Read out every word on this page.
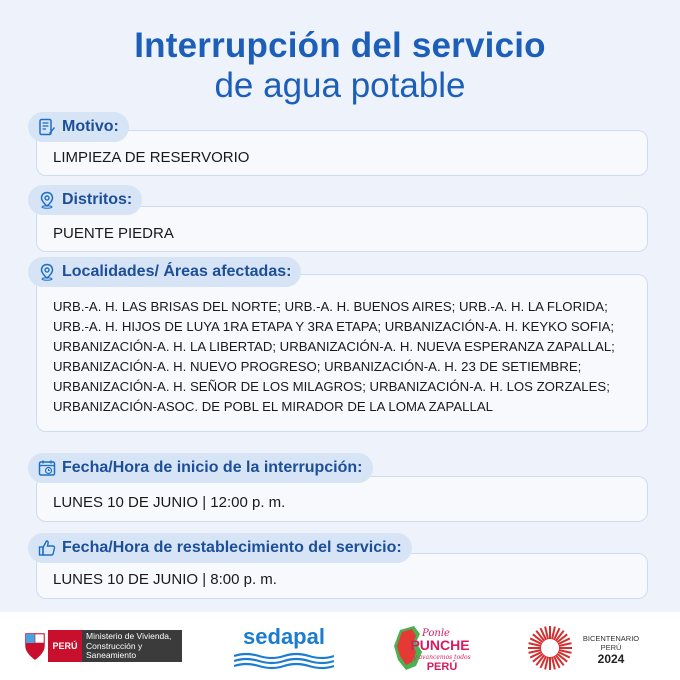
Interrupción del servicio
de agua potable
Motivo:
LIMPIEZA DE RESERVORIO
Distritos:
PUENTE PIEDRA
Localidades/ Áreas afectadas:
URB.-A. H. LAS BRISAS DEL NORTE; URB.-A. H. BUENOS AIRES; URB.-A. H. LA FLORIDA;
URB.-A. H. HIJOS DE LUYA 1RA ETAPA Y 3RA ETAPA; URBANIZACIÓN-A. H. KEYKO SOFIA;
URBANIZACIÓN-A. H. LA LIBERTAD; URBANIZACIÓN-A. H. NUEVA ESPERANZA ZAPALLAL;
URBANIZACIÓN-A. H. NUEVO PROGRESO; URBANIZACIÓN-A. H. 23 DE SETIEMBRE;
URBANIZACIÓN-A. H. SEÑOR DE LOS MILAGROS; URBANIZACIÓN-A. H. LOS ZORZALES;
URBANIZACIÓN-ASOC. DE POBL EL MIRADOR DE LA LOMA ZAPALLAL
Fecha/Hora de inicio de la interrupción:
LUNES 10 DE JUNIO | 12:00 p. m.
Fecha/Hora de restablecimiento del servicio:
LUNES 10 DE JUNIO | 8:00 p. m.
PERÚ
Ministerio de Vivienda, Construcción y Saneamiento
sedapal	Ponle
PUNCHE
y avancemos todos
PERÚ
BICENTENARIO
PERÚ
2024
